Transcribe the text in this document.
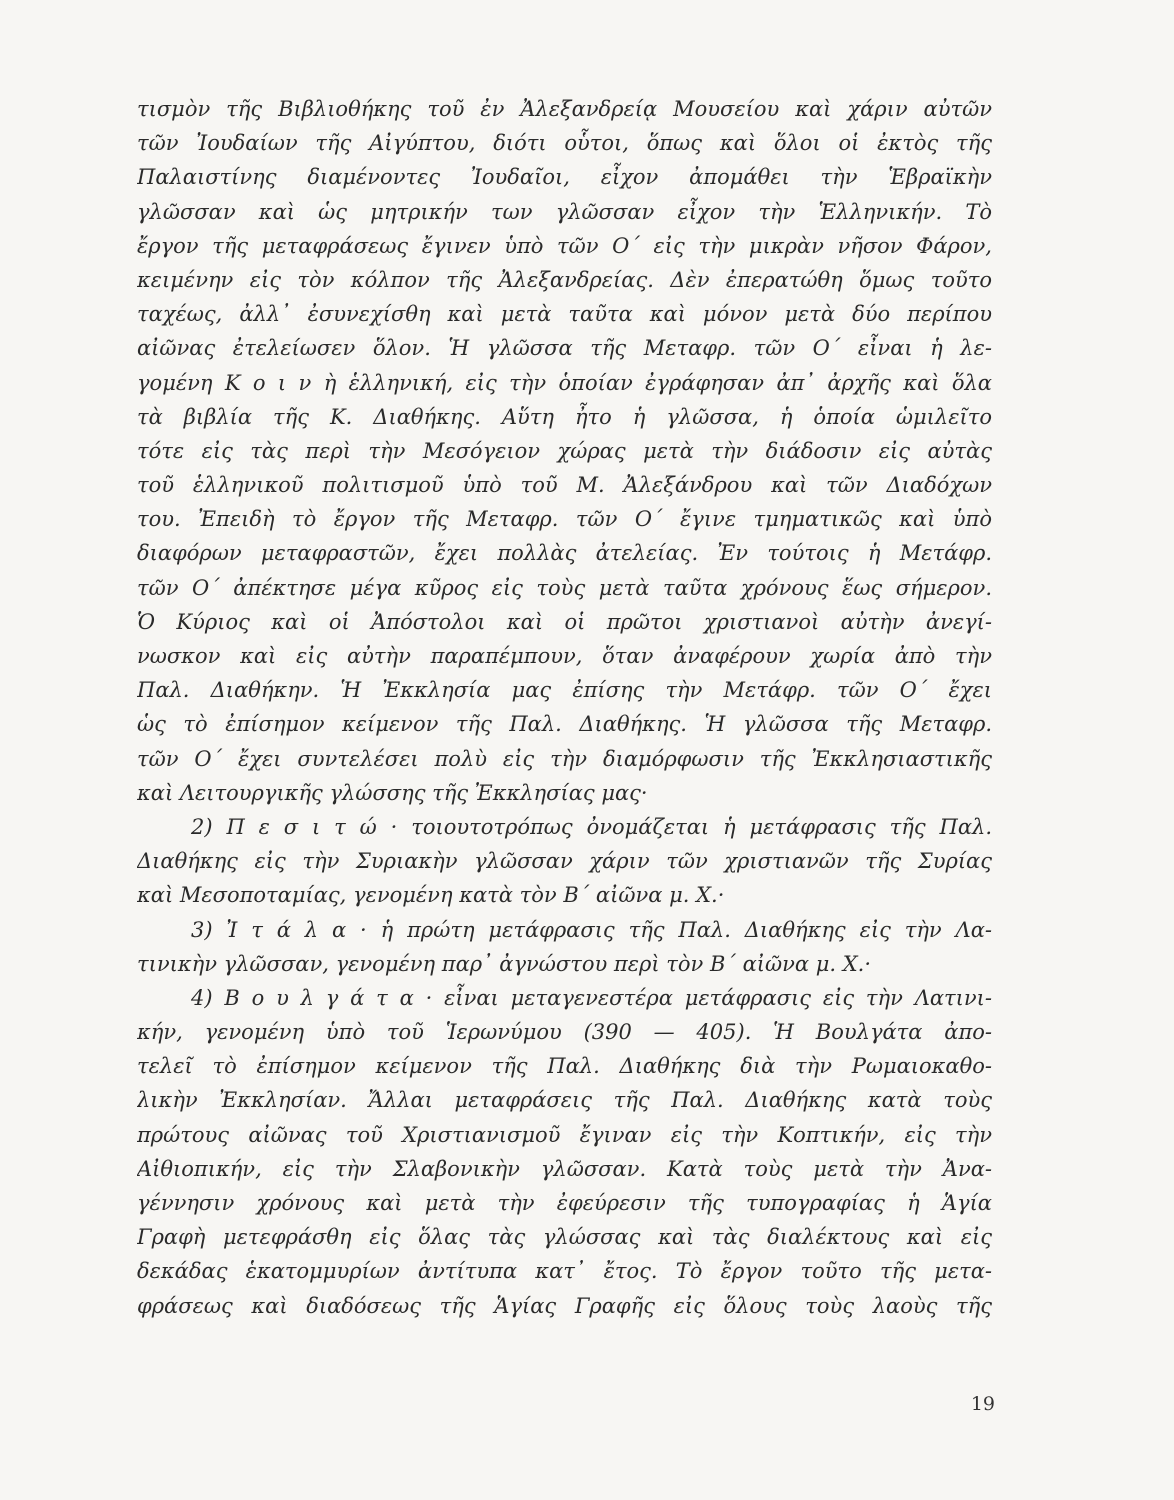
τισμὸν τῆς Βιβλιοθήκης τοῦ ἐν Ἀλεξανδρείᾳ Μουσείου καὶ χάριν αὐτῶν
τῶν Ἰουδαίων τῆς Αἰγύπτου, διότι οὗτοι, ὅπως καὶ ὅλοι οἱ ἐκτὸς τῆς
Παλαιστίνης διαμένοντες Ἰουδαῖοι, εἶχον ἀπομάθει τὴν Ἑβραϊκὴν
γλῶσσαν καὶ ὡς μητρικήν των γλῶσσαν εἶχον τὴν Ἑλληνικήν. Τὸ
ἔργον τῆς μεταφράσεως ἔγινεν ὑπὸ τῶν Ο΄ εἰς τὴν μικρὰν νῆσον Φάρον,
κειμένην εἰς τὸν κόλπον τῆς Ἀλεξανδρείας. Δὲν ἐπερατώθη ὅμως τοῦτο
ταχέως, ἀλλ᾽ ἐσυνεχίσθη καὶ μετὰ ταῦτα καὶ μόνον μετὰ δύο περίπου
αἰῶνας ἐτελείωσεν ὅλον. Ἡ γλῶσσα τῆς Μεταφρ. τῶν Ο΄ εἶναι ἡ λε-
γομένη Κ ο ι ν ὴ ἑλληνική, εἰς τὴν ὁποίαν ἐγράφησαν ἀπ᾽ ἀρχῆς καὶ ὅλα
τὰ βιβλία τῆς Κ. Διαθήκης. Αὕτη ἦτο ἡ γλῶσσα, ἡ ὁποία ὡμιλεῖτο
τότε εἰς τὰς περὶ τὴν Μεσόγειον χώρας μετὰ τὴν διάδοσιν εἰς αὐτὰς
τοῦ ἑλληνικοῦ πολιτισμοῦ ὑπὸ τοῦ Μ. Ἀλεξάνδρου καὶ τῶν Διαδόχων
του. Ἐπειδὴ τὸ ἔργον τῆς Μεταφρ. τῶν Ο΄ ἔγινε τμηματικῶς καὶ ὑπὸ
διαφόρων μεταφραστῶν, ἔχει πολλὰς ἀτελείας. Ἐν τούτοις ἡ Μετάφρ.
τῶν Ο΄ ἀπέκτησε μέγα κῦρος εἰς τοὺς μετὰ ταῦτα χρόνους ἕως σήμερον.
Ὁ Κύριος καὶ οἱ Ἀπόστολοι καὶ οἱ πρῶτοι χριστιανοὶ αὐτὴν ἀνεγί-
νωσκον καὶ εἰς αὐτὴν παραπέμπουν, ὅταν ἀναφέρουν χωρία ἀπὸ τὴν
Παλ. Διαθήκην. Ἡ Ἐκκλησία μας ἐπίσης τὴν Μετάφρ. τῶν Ο΄ ἔχει
ὡς τὸ ἐπίσημον κείμενον τῆς Παλ. Διαθήκης. Ἡ γλῶσσα τῆς Μεταφρ.
τῶν Ο΄ ἔχει συντελέσει πολὺ εἰς τὴν διαμόρφωσιν τῆς Ἐκκλησιαστικῆς
καὶ Λειτουργικῆς γλώσσης τῆς Ἐκκλησίας μας·
2) Π ε σ ι τ ώ · τοιουτοτρόπως ὀνομάζεται ἡ μετάφρασις τῆς Παλ.
Διαθήκης εἰς τὴν Συριακὴν γλῶσσαν χάριν τῶν χριστιανῶν τῆς Συρίας
καὶ Μεσοποταμίας, γενομένη κατὰ τὸν Β΄ αἰῶνα μ. Χ.·
3) Ἰ τ ά λ α · ἡ πρώτη μετάφρασις τῆς Παλ. Διαθήκης εἰς τὴν Λα-
τινικὴν γλῶσσαν, γενομένη παρ᾽ ἀγνώστου περὶ τὸν Β΄ αἰῶνα μ. Χ.·
4) Β ο υ λ γ ά τ α · εἶναι μεταγενεστέρα μετάφρασις εἰς τὴν Λατινι-
κήν, γενομένη ὑπὸ τοῦ Ἱερωνύμου (390 — 405). Ἡ Βουλγάτα ἀπο-
τελεῖ τὸ ἐπίσημον κείμενον τῆς Παλ. Διαθήκης διὰ τὴν Ρωμαιοκαθο-
λικὴν Ἐκκλησίαν. Ἄλλαι μεταφράσεις τῆς Παλ. Διαθήκης κατὰ τοὺς
πρώτους αἰῶνας τοῦ Χριστιανισμοῦ ἔγιναν εἰς τὴν Κοπτικήν, εἰς τὴν
Αἰθιοπικήν, εἰς τὴν Σλαβονικὴν γλῶσσαν. Κατὰ τοὺς μετὰ τὴν Ἀνα-
γέννησιν χρόνους καὶ μετὰ τὴν ἐφεύρεσιν τῆς τυπογραφίας ἡ Ἁγία
Γραφὴ μετεφράσθη εἰς ὅλας τὰς γλώσσας καὶ τὰς διαλέκτους καὶ εἰς
δεκάδας ἑκατομμυρίων ἀντίτυπα κατ᾽ ἔτος. Τὸ ἔργον τοῦτο τῆς μετα-
φράσεως καὶ διαδόσεως τῆς Ἁγίας Γραφῆς εἰς ὅλους τοὺς λαοὺς τῆς
19
